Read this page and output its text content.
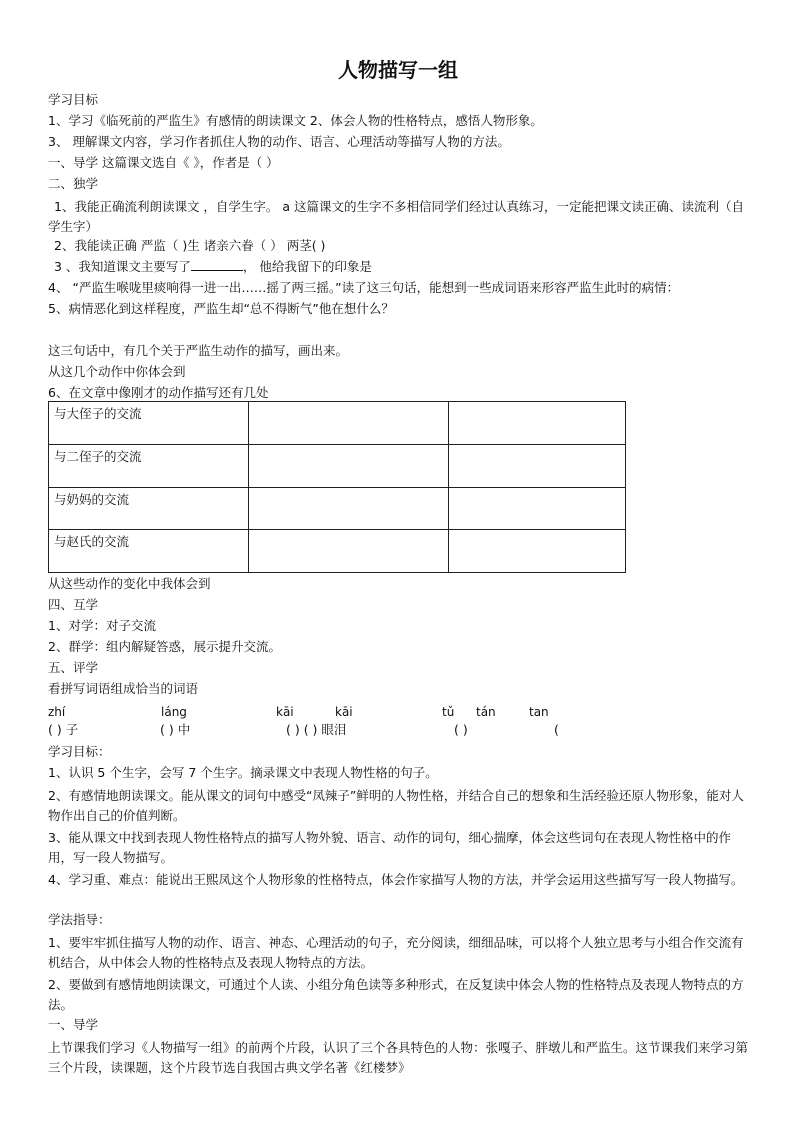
人物描写一组
学习目标
1、学习《临死前的严监生》有感情的朗读课文 2、体会人物的性格特点，感悟人物形象。
3、 理解课文内容，学习作者抓住人物的动作、语言、心理活动等描写人物的方法。
一、导学 这篇课文选自《 》，作者是（ ）
二、独学
1、我能正确流利朗读课文 ，自学生字。 a 这篇课文的生字不多相信同学们经过认真练习，一定能把课文读正确、读流利（自学生字）
2、我能读正确 严监（ )生 诸亲六眷（ ） 两茎( )
3 、我知道课文主要写了	， 他给我留下的印象是
4、 “严监生喉咙里痰响得一进一出……摇了两三摇。”读了这三句话，能想到一些成词语来形容严监生此时的病情：
5、病情恶化到这样程度，严监生却“总不得断气”他在想什么？
这三句话中，有几个关于严监生动作的描写，画出来。
从这几个动作中你体会到
6、在文章中像刚才的动作描写还有几处
与大侄子的交流		
与二侄子的交流		
与奶妈的交流		
与赵氏的交流		
从这些动作的变化中我体会到
四、互学
1、对学：对子交流
2、群学：组内解疑答惑，展示提升交流。
五、评学
看拼写词语组成恰当的词语
zhí	láng	kāi	kāi	tǔ tán	tan
( ) 子	( ) 中	( ) ( ) 眼泪	( )	(
学习目标：
1、认识 5 个生字，会写 7 个生字。摘录课文中表现人物性格的句子。
2、有感情地朗读课文。能从课文的词句中感受“凤辣子”鲜明的人物性格，并结合自己的想象和生活经验还原人物形象，能对人物作出自己的价值判断。
3、能从课文中找到表现人物性格特点的描写人物外貌、语言、动作的词句，细心揣摩，体会这些词句在表现人物性格中的作用，写一段人物描写。
4、学习重、难点：能说出王熙凤这个人物形象的性格特点，体会作家描写人物的方法，并学会运用这些描写写一段人物描写。
学法指导：
1、要牢牢抓住描写人物的动作、语言、神态、心理活动的句子，充分阅读，细细品味，可以将个人独立思考与小组合作交流有机结合，从中体会人物的性格特点及表现人物特点的方法。
2、要做到有感情地朗读课文，可通过个人读、小组分角色读等多种形式，在反复读中体会人物的性格特点及表现人物特点的方法。
一、导学
上节课我们学习《人物描写一组》的前两个片段，认识了三个各具特色的人物：张嘎子、胖墩儿和严监生。这节课我们来学习第三个片段，读课题，这个片段节选自我国古典文学名著《红楼梦》
